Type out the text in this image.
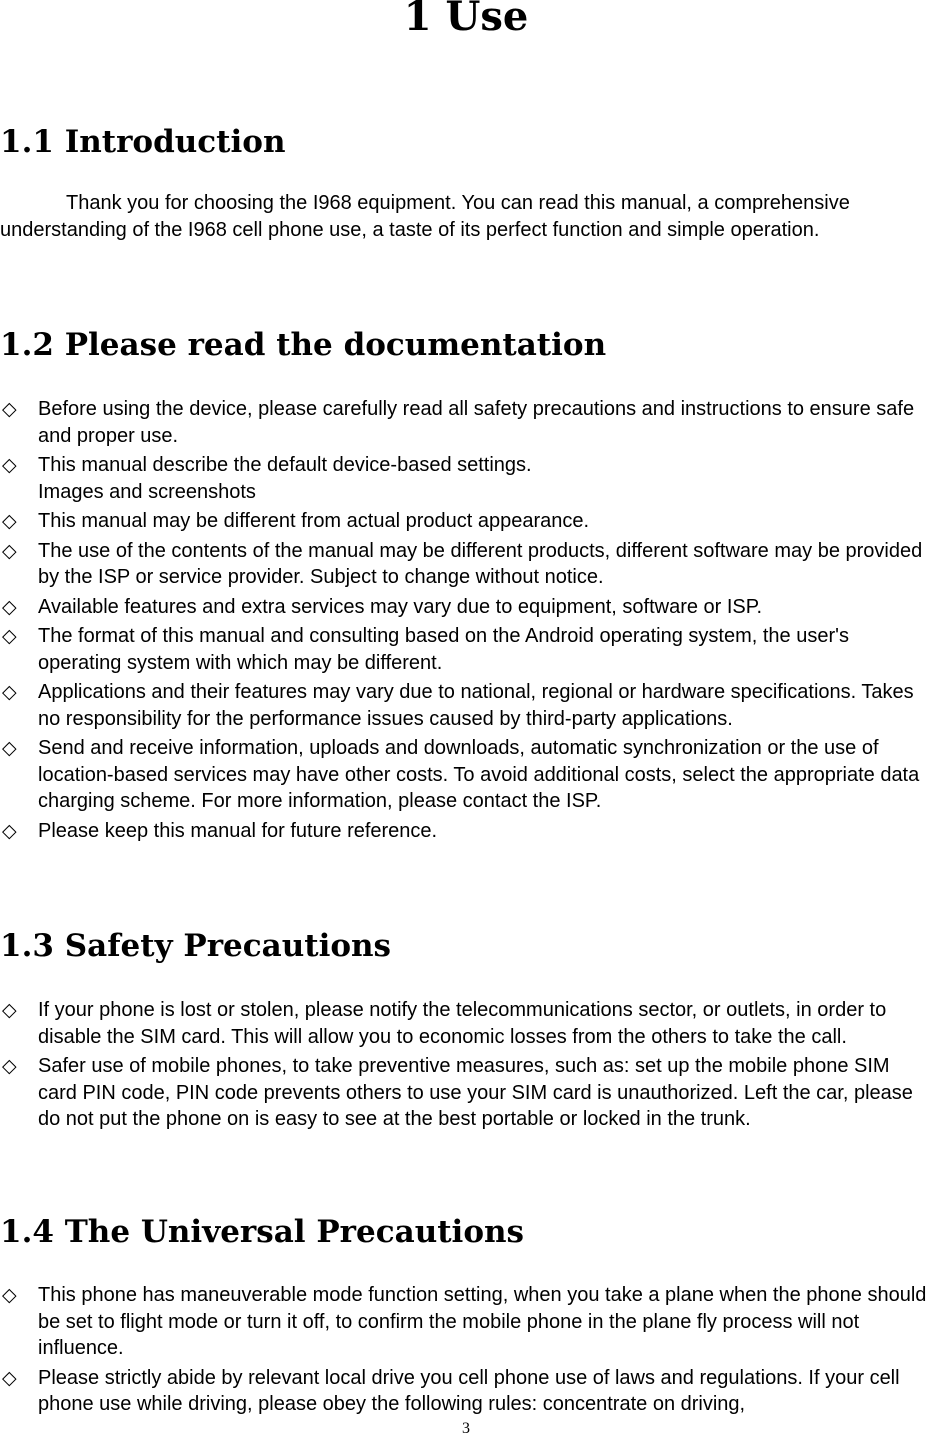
1 Use
1.1 Introduction

Thank you for choosing the I968 equipment. You can read this manual, a comprehensive understanding of the I968 cell phone use, a taste of its perfect function and simple operation.

1.2 Please read the documentation
◇ Before using the device, please carefully read all safety precautions and instructions to ensure safe and proper use.
◇ This manual describe the default device-based settings.
Images and screenshots
◇ This manual may be different from actual product appearance.
◇ The use of the contents of the manual may be different products, different software may be provided by the ISP or service provider. Subject to change without notice.
◇ Available features and extra services may vary due to equipment, software or ISP.
◇ The format of this manual and consulting based on the Android operating system, the user's operating system with which may be different.
◇ Applications and their features may vary due to national, regional or hardware specifications. Takes no responsibility for the performance issues caused by third-party applications.
◇ Send and receive information, uploads and downloads, automatic synchronization or the use of location-based services may have other costs. To avoid additional costs, select the appropriate data charging scheme. For more information, please contact the ISP.
◇ Please keep this manual for future reference.
1.3 Safety Precautions
◇ If your phone is lost or stolen, please notify the telecommunications sector, or outlets, in order to disable the SIM card. This will allow you to economic losses from the others to take the call.
◇ Safer use of mobile phones, to take preventive measures, such as: set up the mobile phone SIM card PIN code, PIN code prevents others to use your SIM card is unauthorized. Left the car, please do not put the phone on is easy to see at the best portable or locked in the trunk.
1.4 The Universal Precautions
◇ This phone has maneuverable mode function setting, when you take a plane when the phone should be set to flight mode or turn it off, to confirm the mobile phone in the plane fly process will not influence.
◇ Please strictly abide by relevant local drive you cell phone use of laws and regulations. If your cell phone use while driving, please obey the following rules: concentrate on driving,
3
